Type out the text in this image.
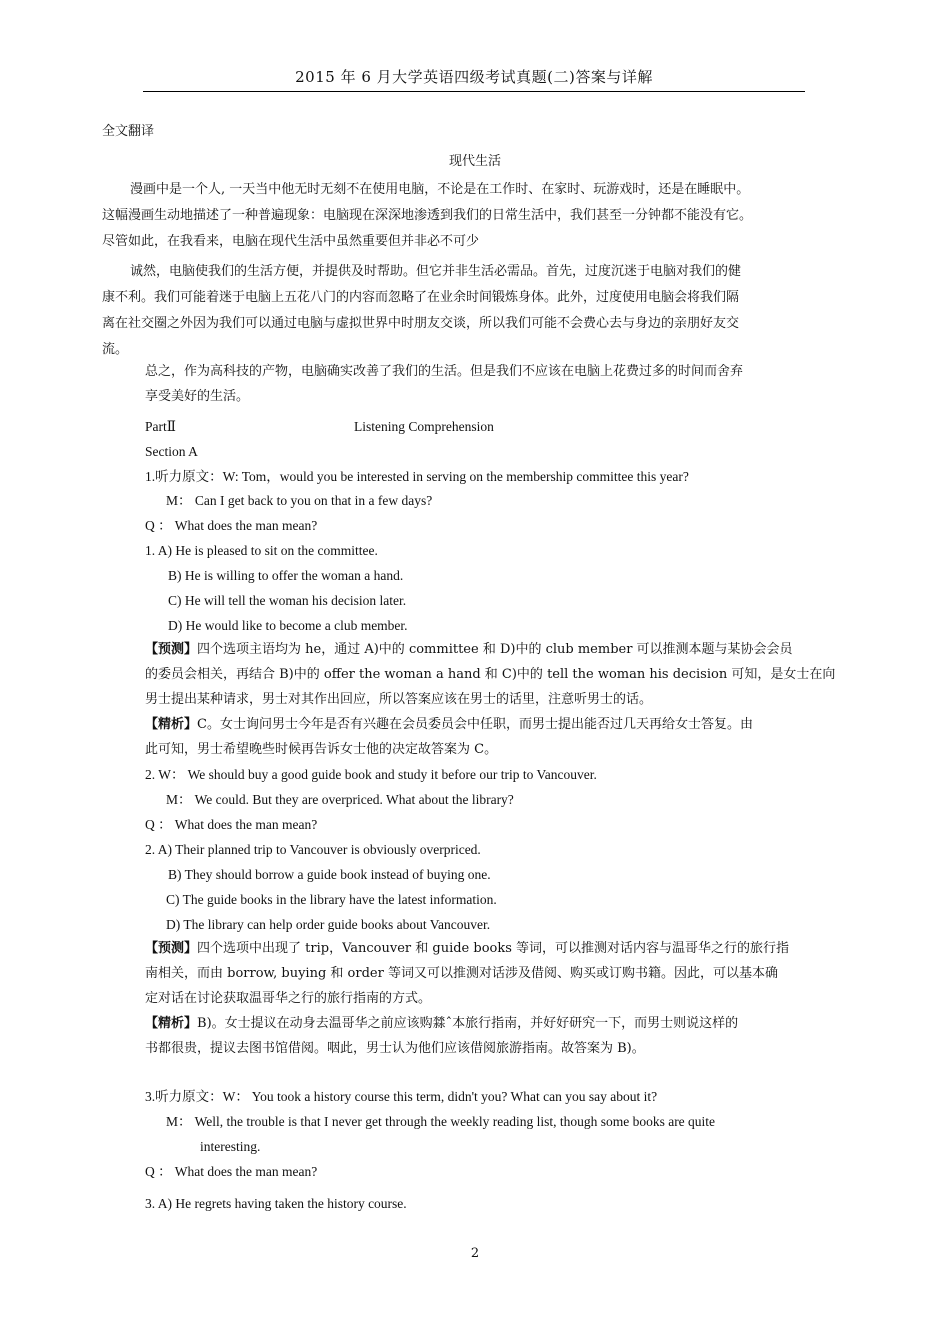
2015 年 6 月大学英语四级考试真题(二)答案与详解
全文翻译
现代生活
漫画中是一个人, 一天当中他无时无刻不在使用电脑，不论是在工作时、在家时、玩游戏时，还是在睡眠中。
这幅漫画生动地描述了一种普遍现象：电脑现在深深地渗透到我们的日常生活中，我们甚至一分钟都不能没有它。
尽管如此，在我看来，电脑在现代生活中虽然重要但并非必不可少
诚然，电脑使我们的生活方便，并提供及时帮助。但它并非生活必需品。首先，过度沉迷于电脑对我们的健
康不利。我们可能着迷于电脑上五花八门的内容而忽略了在业余时间锻炼身体。此外，过度使用电脑会将我们隔
离在社交圈之外因为我们可以通过电脑与虚拟世界中时朋友交谈，所以我们可能不会费心去与身边的亲朋好友交
流。
总之，作为高科技的产物，电脑确实改善了我们的生活。但是我们不应该在电脑上花费过多的时间而舍弃
享受美好的生活。
PartⅡ	Listening Comprehension
Section A
1.听力原文：W: Tom，would you be interested in serving on the membership committee this year?
M： Can I get back to you on that in a few days?
Q ： What does the man mean?
1. A) He is pleased to sit on the committee.
B) He is willing to offer the woman a hand.
C) He will tell the woman his decision later.
D) He would like to become a club member.
【预测】四个选项主语均为 he，通过 A)中的 committee 和 D)中的 club member 可以推测本题与某协会会员
的委员会相关，再结合 B)中的 offer the woman a hand 和 C)中的 tell the woman his decision 可知，是女士在向
男士提出某种请求，男士对其作出回应，所以答案应该在男士的话里，注意听男士的话。
【精析】C。女士询问男士今年是否有兴趣在会员委员会中任职，而男士提出能否过几天再给女士答复。由
此可知，男士希望晚些时候再告诉女士他的决定故答案为 C。
2. W： We should buy a good guide book and study it before our trip to Vancouver.
M： We could. But they are overpriced. What about the library?
Q ： What does the man mean?
2. A) Their planned trip to Vancouver is obviously overpriced.
B) They should borrow a guide book instead of buying one.
C) The guide books in the library have the latest information.
D) The library can help order guide books about Vancouver.
【预测】四个选项中出现了 trip，Vancouver 和 guide books 等词，可以推测对话内容与温哥华之行的旅行指
南相关，而由 borrow, buying 和 order 等词又可以推测对话涉及借阅、购买或订购书籍。因此，可以基本确
定对话在讨论获取温哥华之行的旅行指南的方式。
【精析】B)。女士提议在动身去温哥华之前应该购㵘ˆ本旅行指南，并好好研究一下，而男士则说这样的
书都很贵，提议去图书馆借阅。咽此，男士认为他们应该借阅旅游指南。故答案为 B)。
3.听力原文：W： You took a history course this term, didn't you? What can you say about it?
M： Well, the trouble is that I never get through the weekly reading list, though some books are quite
interesting.
Q ： What does the man mean?
3. A) He regrets having taken the history course.
2
